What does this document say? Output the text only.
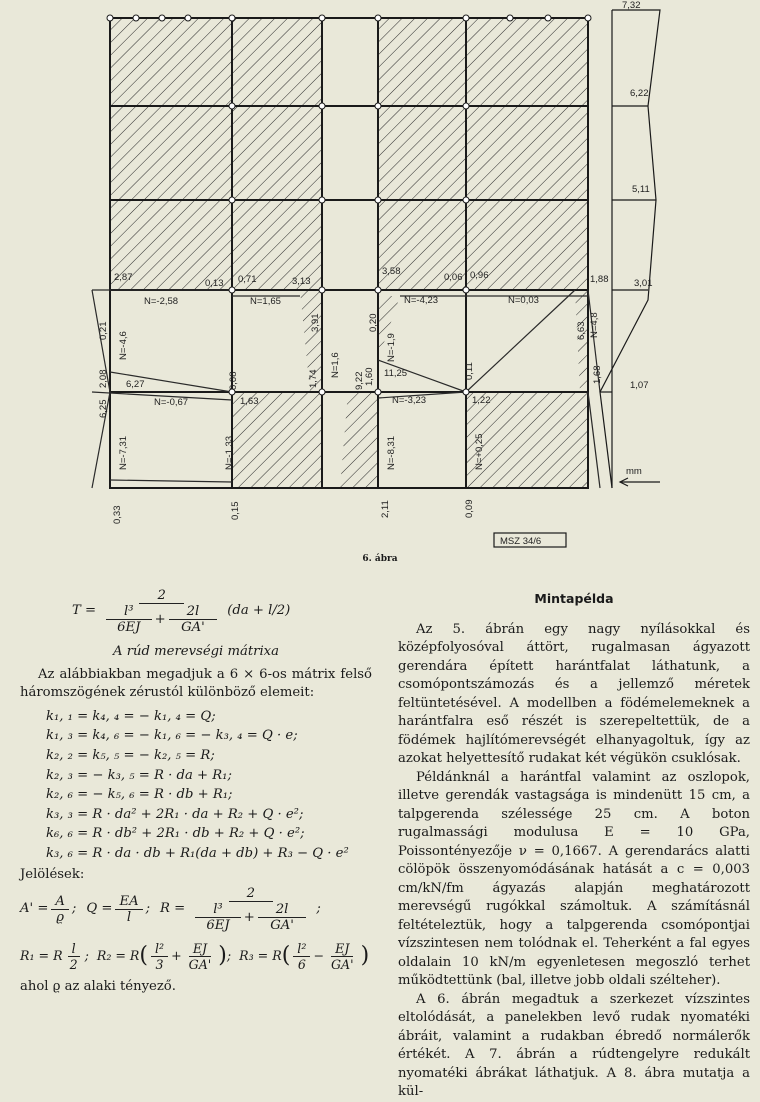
MSZ 34/6
7,32
6,22
5,11
3,01
1,07
mm
2,87
0,13 0,71	3,13
3,58
0,06 0,96	1,88
N=-2,58	N=1,65	N=-4,23	N=0,03
N=-0,67	N=-3,23
N=-4,6	N=-1,9
N=4,8
N=-7,31	N=-1,33	N=-8,31	N=+0,25
N=1,6
6,27
2,08	0,08	11,25
1,63	1,22
0,11
1,74	9,22
0,21	6,63
6,25
1,68
3,91	0,20
1,60
0,33	0,15	2,11	0,09
6. ábra
$T = \frac{2}{\frac{\text{l³}}{6EJ} + \frac{2l}{GA'}} (da + l/2)$

A rúd merevségi mátrixa

Az alábbiakban megadjuk a 6 × 6-os mátrix felső háromszögének zérustól különböző elemeit:

k₁, ₁ = k₄, ₄ = − k₁, ₄ = Q;
k₁, ₃ = k₄, ₆ = − k₁, ₆ = − k₃, ₄ = Q · e;
k₂, ₂ = k₅, ₅ = − k₂, ₅ = R;
k₂, ₃ = − k₃, ₅ = R · da + R₁;
k₂, ₆ = − k₅, ₆ = R · db + R₁;
k₃, ₃ = R · da² + 2R₁ · da + R₂ + Q · e²;
k₆, ₆ = R · db² + 2R₁ · db + R₂ + Q · e²;
k₃, ₆ = R · da · db + R₁(da + db) + R₃ − Q · e²

Jelölések:

$A' = \frac{A}{ϱ}$ ; $Q = \frac{EA}{l}$ ; $R = \frac{2}{\frac{\text{l³}}{6EJ} + \frac{2l}{GA'}}$ ;
R₁ = R $\frac{l}{2}$ ; R₂ = R ( $\frac{\text{l²}}{3} + \frac{EJ}{GA'}$ ) ; R₃ = R ( $\frac{\text{l²}}{6} - \frac{EJ}{GA'}$ )

ahol ϱ az alaki tényező.

Mintapélda

Az 5. ábrán egy nagy nyílásokkal és középfolyosóval áttört, rugalmasan ágyazott gerendára épített harántfalat láthatunk, a csomópontszámozás és a jellemző méretek feltüntetésével. A modellben a födémelemeknek a harántfalra eső részét is szerepeltettük, de a födémek hajlítómerevségét elhanyagoltuk, így az azokat helyettesítő rudakat két végükön csuklósak.

Példánknál a harántfal valamint az oszlopok, illetve gerendák vastagsága is mindenütt 15 cm, a talpgerenda szélessége 25 cm. A boton rugalmassági modulusa E = 10 GPa, Poissontényezője ν = 0,1667. A gerendarács alatti cölöpök összenyomódásának hatását a c = 0,003 cm/kN/fm ágyazás alapján meghatározott merevségű rugókkal számoltuk. A számításnál feltételeztük, hogy a talpgerenda csomópontjai vízszintesen nem tolódnak el. Teherként a fal egyes oldalain 10 kN/m egyenletesen megoszló terhet működtettünk (bal, illetve jobb oldali szélteher).

A 6. ábrán megadtuk a szerkezet vízszintes eltolódását, a panelekben levő rudak nyomatéki ábráit, valamint a rudakban ébredő normálerők értékét. A 7. ábrán a rúdtengelyre redukált nyomatéki ábrákat láthatjuk. A 8. ábra mutatja a kül-
